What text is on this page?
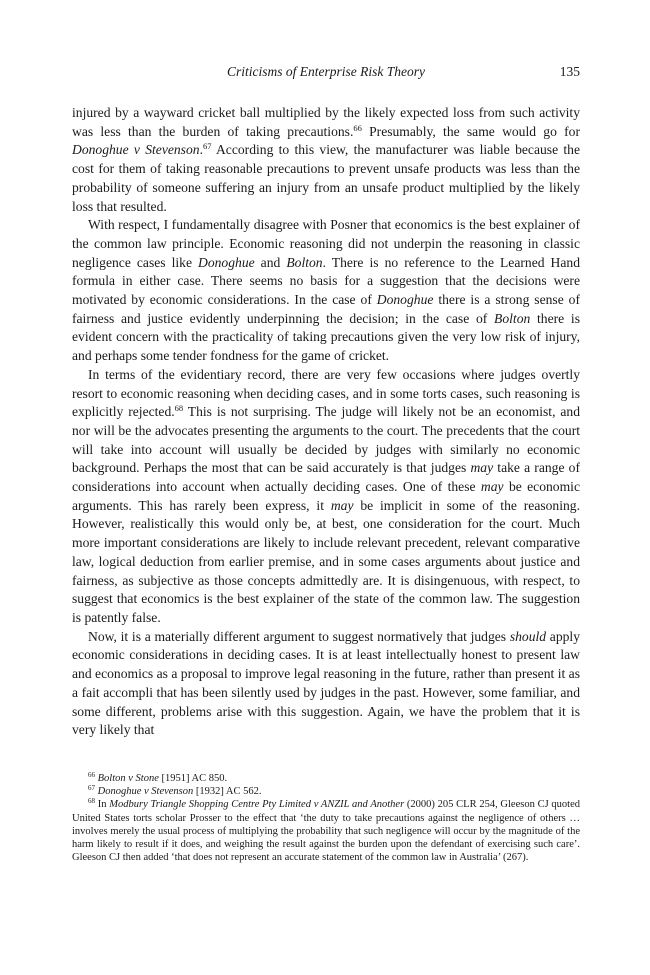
Criticisms of Enterprise Risk Theory	135

injured by a wayward cricket ball multiplied by the likely expected loss from such activity was less than the burden of taking precautions.$^{66}$ Presumably, the same would go for Donoghue v Stevenson.$^{67}$ According to this view, the manufacturer was liable because the cost for them of taking reasonable precautions to prevent unsafe products was less than the probability of someone suffering an injury from an unsafe product multiplied by the likely loss that resulted.

With respect, I fundamentally disagree with Posner that economics is the best explainer of the common law principle. Economic reasoning did not underpin the reasoning in classic negligence cases like Donoghue and Bolton. There is no reference to the Learned Hand formula in either case. There seems no basis for a suggestion that the decisions were motivated by economic considerations. In the case of Donoghue there is a strong sense of fairness and justice evidently underpinning the decision; in the case of Bolton there is evident concern with the practicality of taking precautions given the very low risk of injury, and perhaps some tender fondness for the game of cricket.

In terms of the evidentiary record, there are very few occasions where judges overtly resort to economic reasoning when deciding cases, and in some torts cases, such reasoning is explicitly rejected.$^{68}$ This is not surprising. The judge will likely not be an economist, and nor will be the advocates presenting the arguments to the court. The precedents that the court will take into account will usually be decided by judges with similarly no economic background. Perhaps the most that can be said accurately is that judges may take a range of considerations into account when actually deciding cases. One of these may be economic arguments. This has rarely been express, it may be implicit in some of the reasoning. However, realistically this would only be, at best, one consideration for the court. Much more important considerations are likely to include relevant precedent, relevant comparative law, logical deduction from earlier premise, and in some cases arguments about justice and fairness, as subjective as those concepts admittedly are. It is disingenuous, with respect, to suggest that economics is the best explainer of the state of the common law. The suggestion is patently false.

Now, it is a materially different argument to suggest normatively that judges should apply economic considerations in deciding cases. It is at least intellectually honest to present law and economics as a proposal to improve legal reasoning in the future, rather than present it as a fait accompli that has been silently used by judges in the past. However, some familiar, and some different, problems arise with this suggestion. Again, we have the problem that it is very likely that

$^{66}$ Bolton v Stone [1951] AC 850.

$^{67}$ Donoghue v Stevenson [1932] AC 562.

$^{68}$ In Modbury Triangle Shopping Centre Pty Limited v ANZIL and Another (2000) 205 CLR 254, Gleeson CJ quoted United States torts scholar Prosser to the effect that ‘the duty to take precautions against the negligence of others … involves merely the usual process of multiplying the probability that such negligence will occur by the magnitude of the harm likely to result if it does, and weighing the result against the burden upon the defendant of exercising such care’. Gleeson CJ then added ‘that does not represent an accurate statement of the common law in Australia’ (267).
